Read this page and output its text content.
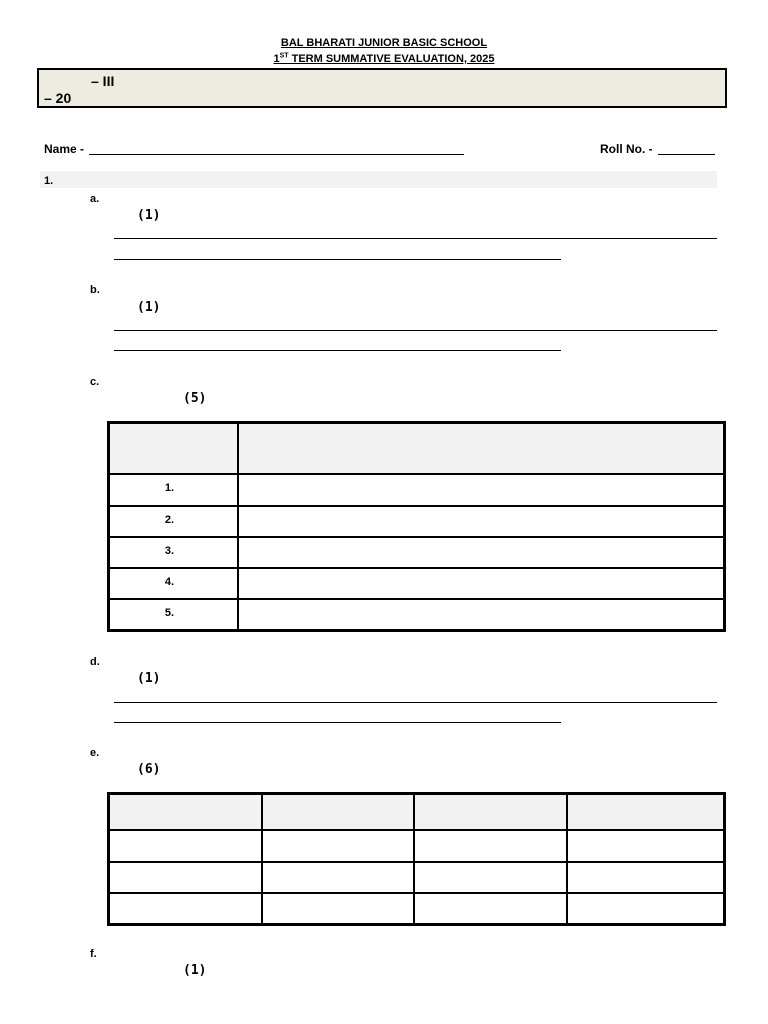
BAL BHARATI JUNIOR BASIC SCHOOL
1ST TERM SUMMATIVE EVALUATION, 2025
– III
– 20
Name -	Roll No. -
1.
a.
(1)
b.
(1)
c.
(5)

1.	
2.	
3.	
4.	
5.	
d.
(1)
e.
(6)

f.
(1)
